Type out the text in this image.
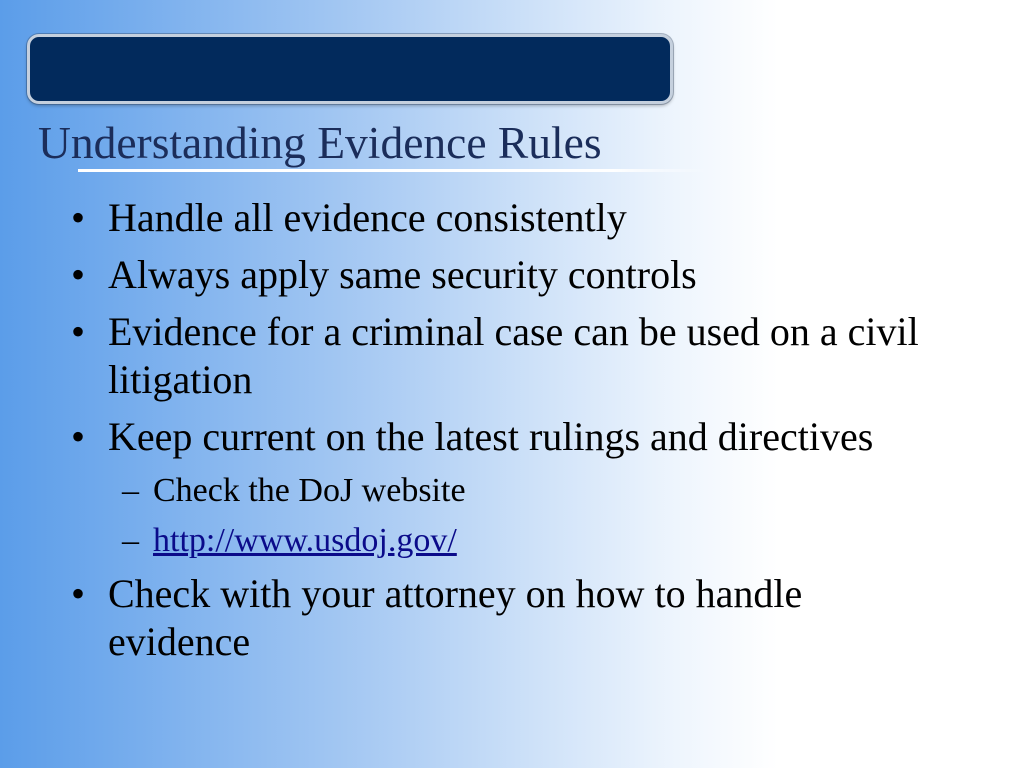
Understanding Evidence Rules
• Handle all evidence consistently
• Always apply same security controls
• Evidence for a criminal case can be used on a civil litigation
• Keep current on the latest rulings and directives
– Check the DoJ website
– http://www.usdoj.gov/
• Check with your attorney on how to handle evidence
